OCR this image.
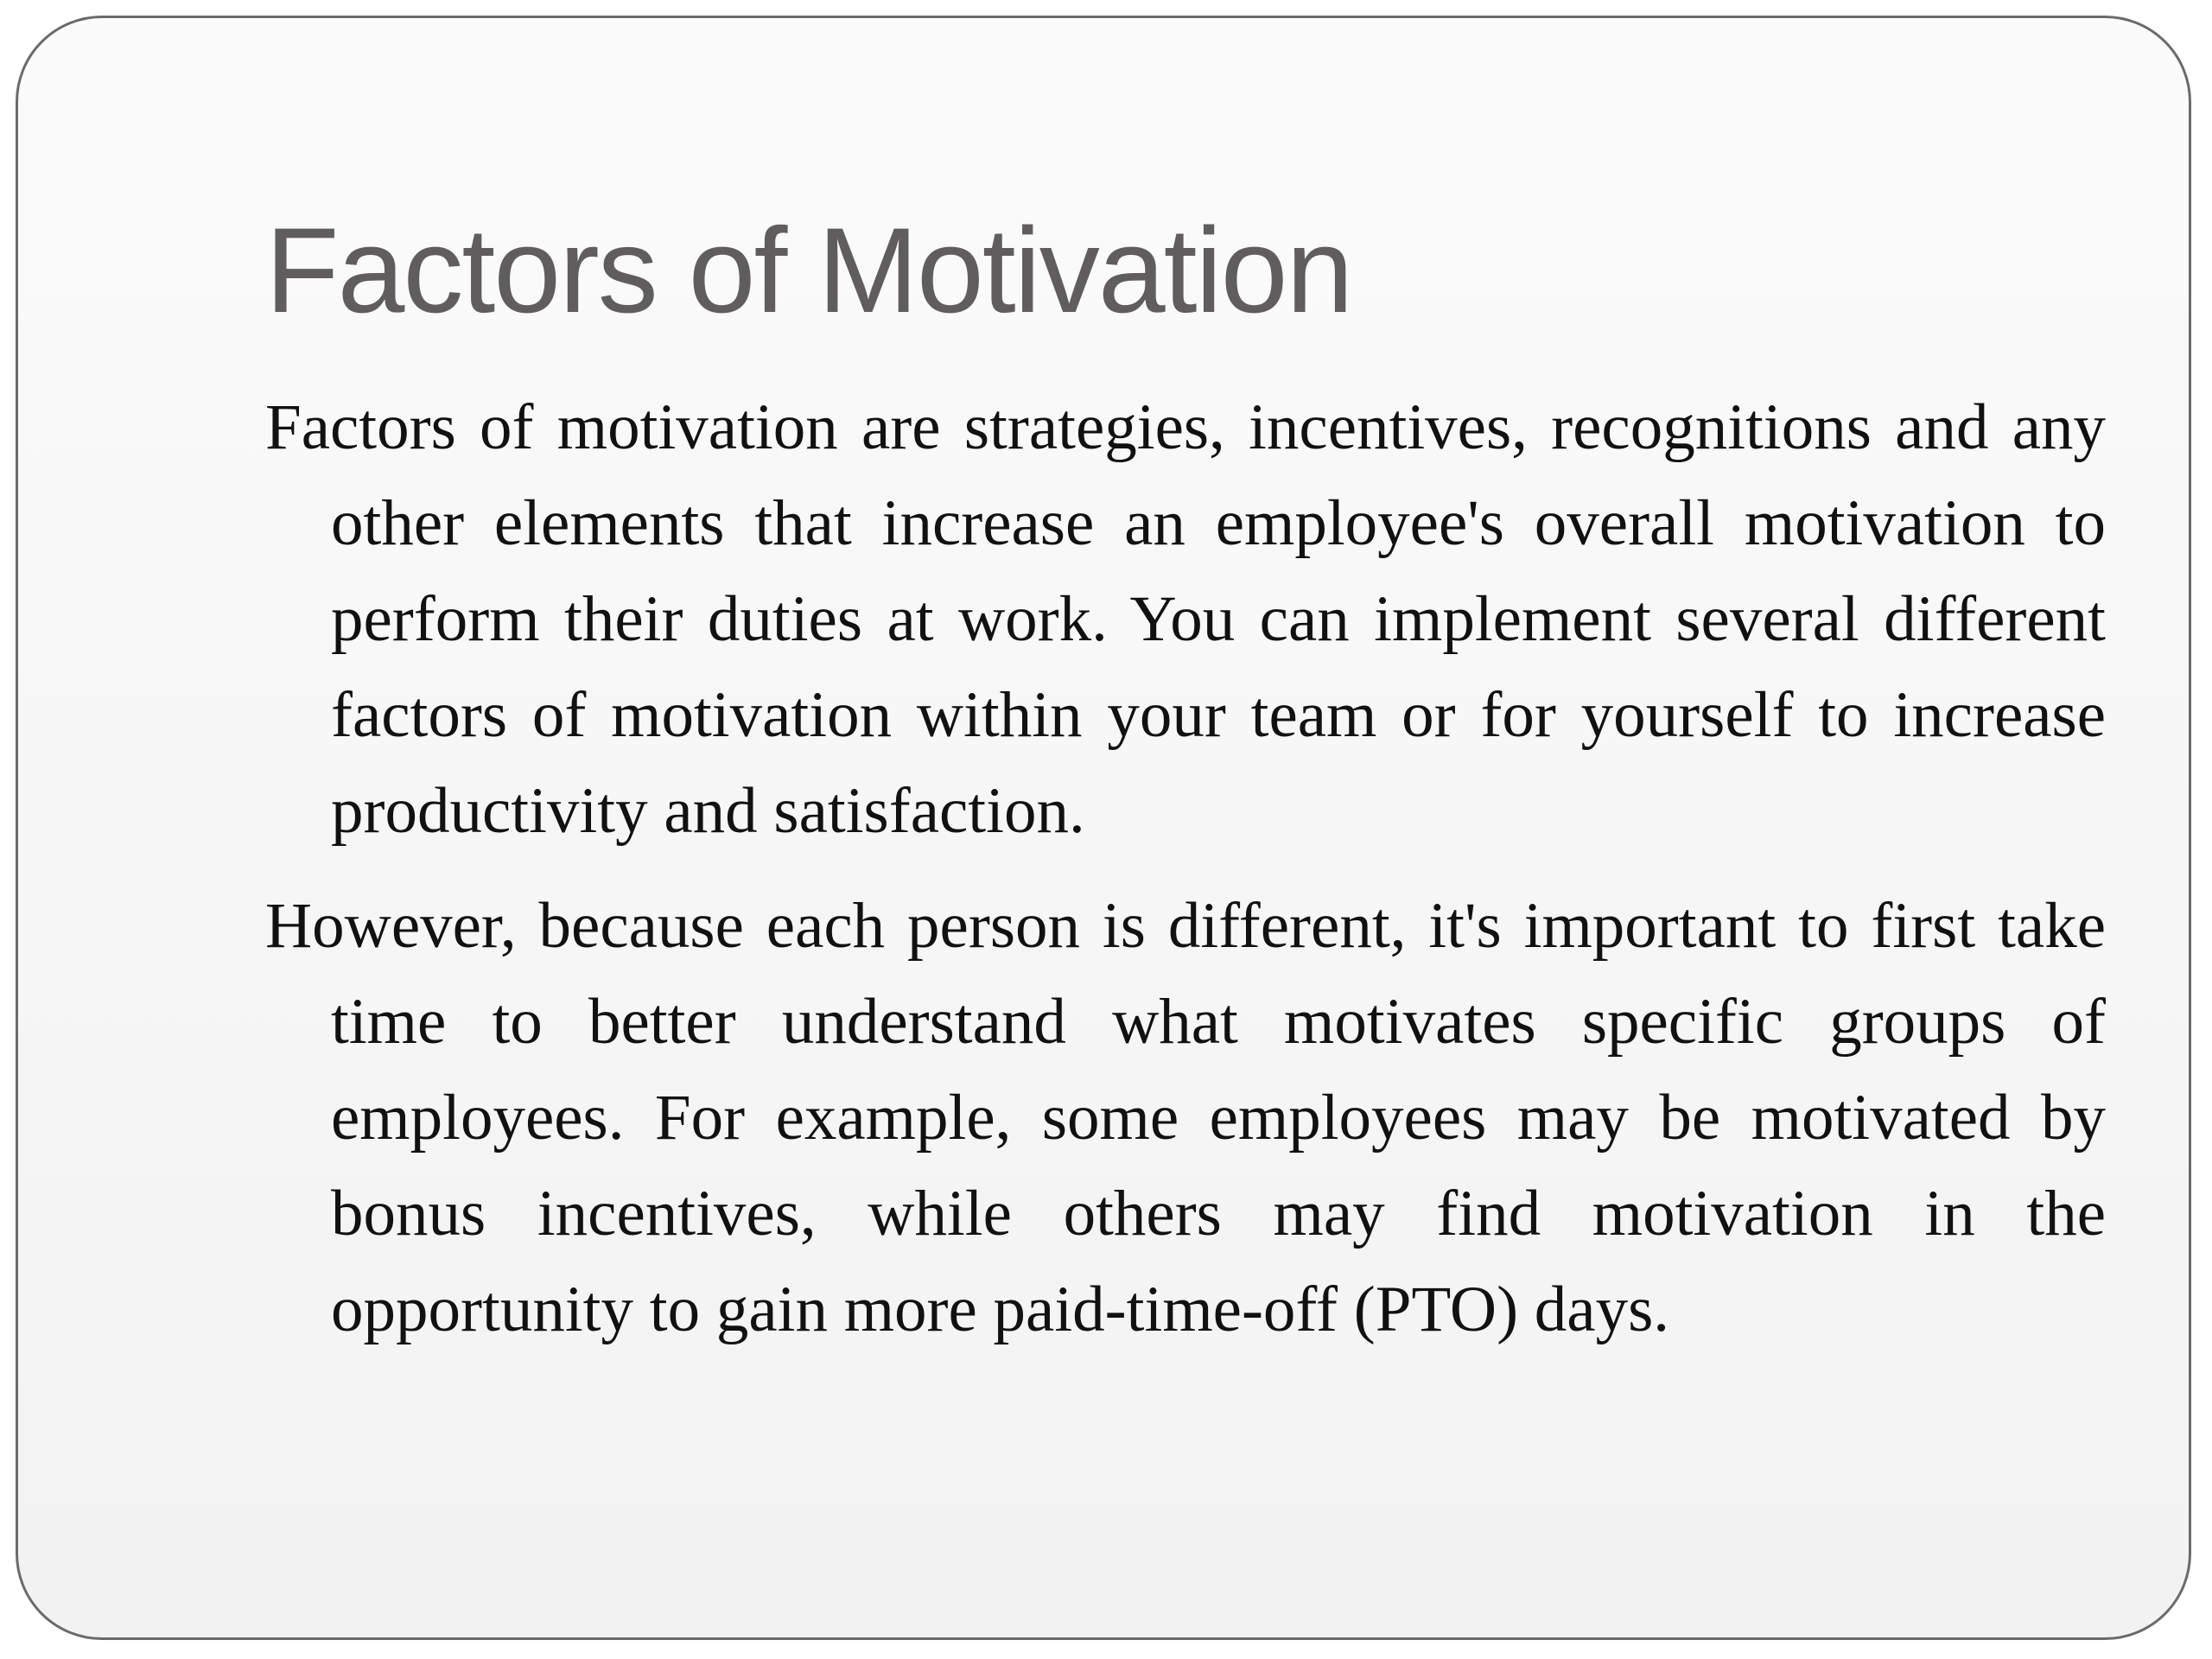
Factors of Motivation

Factors of motivation are strategies, incentives, recognitions and any other elements that increase an employee's overall motivation to perform their duties at work. You can implement several different factors of motivation within your team or for yourself to increase productivity and satisfaction.

However, because each person is different, it's important to first take time to better understand what motivates specific groups of employees. For example, some employees may be motivated by bonus incentives, while others may find motivation in the opportunity to gain more paid-time-off (PTO) days.
